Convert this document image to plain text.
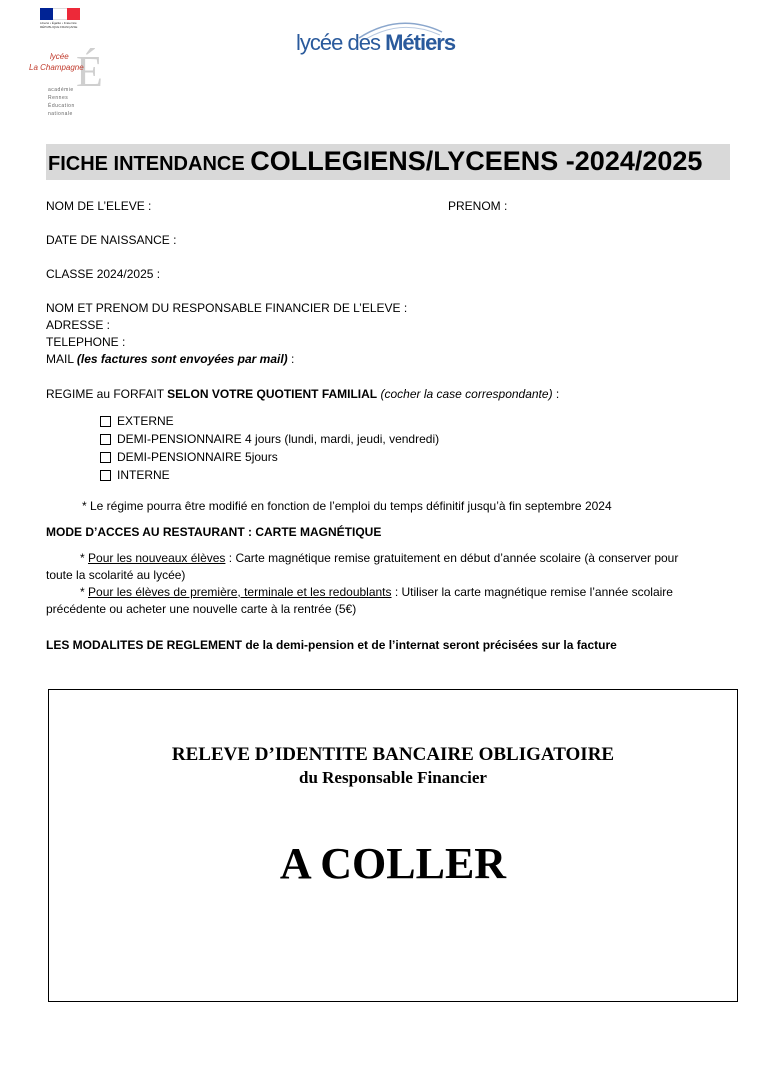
Liberté • Égalité • Fraternité RÉPUBLIQUE FRANÇAISE
É
lycée
La Champagne
académie
Rennes
Éducation
nationale
lycée des Métiers
FICHE INTENDANCE COLLEGIENS/LYCEENS -2024/2025
NOM DE L’ELEVE :	PRENOM :
DATE DE NAISSANCE :
CLASSE 2024/2025 :
NOM ET PRENOM DU RESPONSABLE FINANCIER DE L’ELEVE :
ADRESSE :
TELEPHONE :
MAIL (les factures sont envoyées par mail) :
REGIME au FORFAIT SELON VOTRE QUOTIENT FAMILIAL (cocher la case correspondante) :
EXTERNE
DEMI-PENSIONNAIRE 4 jours (lundi, mardi, jeudi, vendredi)
DEMI-PENSIONNAIRE 5jours
INTERNE
* Le régime pourra être modifié en fonction de l’emploi du temps définitif jusqu’à fin septembre 2024
MODE D’ACCES AU RESTAURANT : CARTE MAGNÉTIQUE
* Pour les nouveaux élèves : Carte magnétique remise gratuitement en début d’année scolaire (à conserver pour
toute la scolarité au lycée)
* Pour les élèves de première, terminale et les redoublants : Utiliser la carte magnétique remise l’année scolaire
précédente ou acheter une nouvelle carte à la rentrée (5€)
LES MODALITES DE REGLEMENT de la demi-pension et de l’internat seront précisées sur la facture
RELEVE D’IDENTITE BANCAIRE OBLIGATOIRE
du Responsable Financier
A COLLER
